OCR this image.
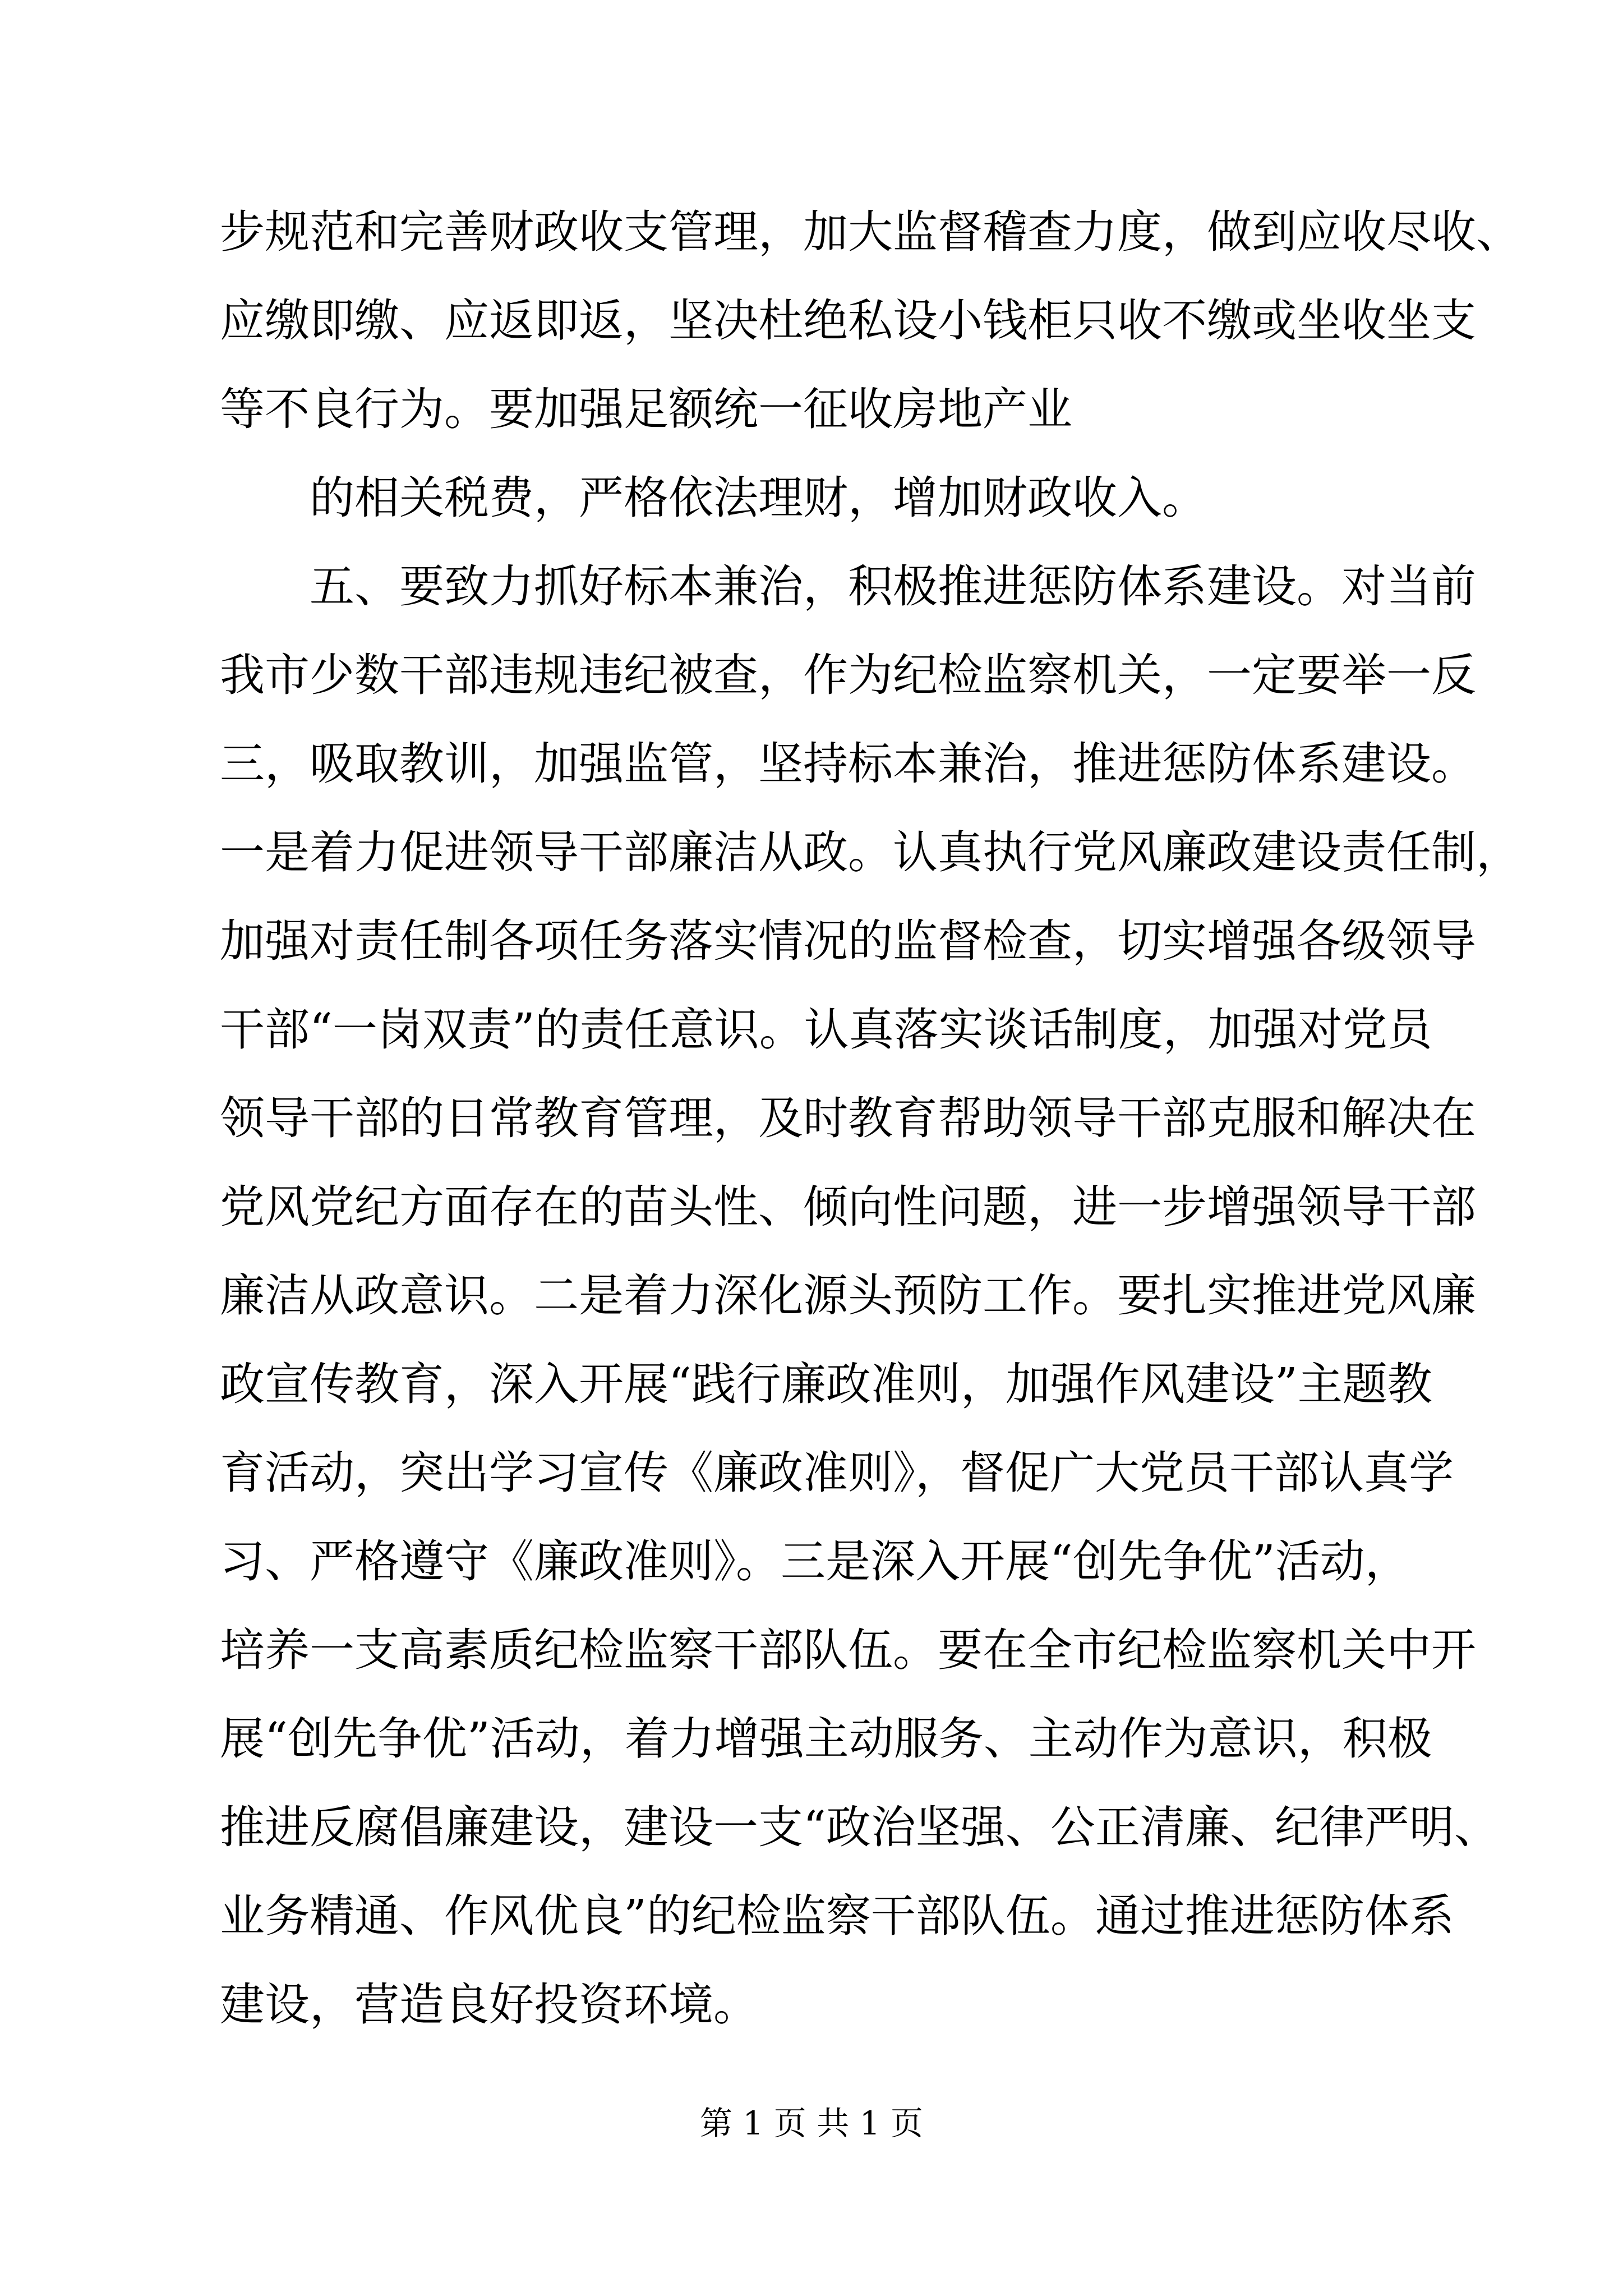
步规范和完善财政收支管理，加大监督稽查力度，做到应收尽收、
应缴即缴、应返即返，坚决杜绝私设小钱柜只收不缴或坐收坐支
等不良行为。要加强足额统一征收房地产业
的相关税费，严格依法理财，增加财政收入。
五、要致力抓好标本兼治，积极推进惩防体系建设。对当前
我市少数干部违规违纪被查，作为纪检监察机关，一定要举一反
三，吸取教训，加强监管，坚持标本兼治，推进惩防体系建设。
一是着力促进领导干部廉洁从政。认真执行党风廉政建设责任制，
加强对责任制各项任务落实情况的监督检查，切实增强各级领导
干部“一岗双责”的责任意识。认真落实谈话制度，加强对党员
领导干部的日常教育管理，及时教育帮助领导干部克服和解决在
党风党纪方面存在的苗头性、倾向性问题，进一步增强领导干部
廉洁从政意识。二是着力深化源头预防工作。要扎实推进党风廉
政宣传教育，深入开展“践行廉政准则，加强作风建设”主题教
育活动，突出学习宣传《廉政准则》，督促广大党员干部认真学
习、严格遵守《廉政准则》。三是深入开展“创先争优”活动，
培养一支高素质纪检监察干部队伍。要在全市纪检监察机关中开
展“创先争优”活动，着力增强主动服务、主动作为意识，积极
推进反腐倡廉建设，建设一支“政治坚强、公正清廉、纪律严明、
业务精通、作风优良”的纪检监察干部队伍。通过推进惩防体系
建设，营造良好投资环境。
第 1 页 共 1 页
